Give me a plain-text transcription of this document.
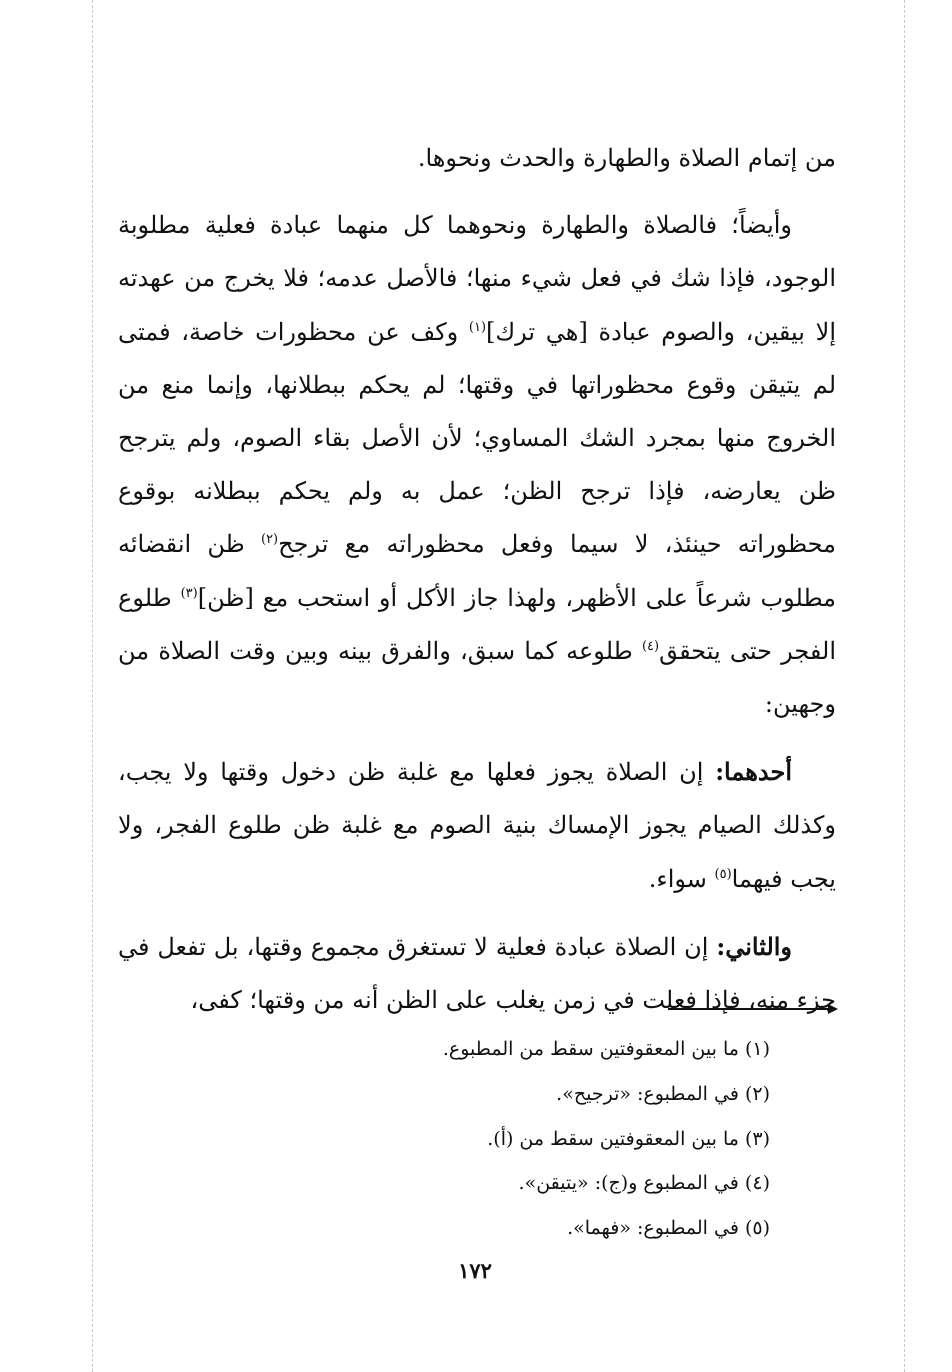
من إتمام الصلاة والطهارة والحدث ونحوها.

وأيضاً؛ فالصلاة والطهارة ونحوهما كل منهما عبادة فعلية مطلوبة الوجود، فإذا شك في فعل شيء منها؛ فالأصل عدمه؛ فلا يخرج من عهدته إلا بيقين، والصوم عبادة [هي ترك]$^{(١)}$ وكف عن محظورات خاصة، فمتى لم يتيقن وقوع محظوراتها في وقتها؛ لم يحكم ببطلانها، وإنما منع من الخروج منها بمجرد الشك المساوي؛ لأن الأصل بقاء الصوم، ولم يترجح ظن يعارضه، فإذا ترجح الظن؛ عمل به ولم يحكم ببطلانه بوقوع محظوراته حينئذ، لا سيما وفعل محظوراته مع ترجح$^{(٢)}$ ظن انقضائه مطلوب شرعاً على الأظهر، ولهذا جاز الأكل أو استحب مع [ظن]$^{(٣)}$ طلوع الفجر حتى يتحقق$^{(٤)}$ طلوعه كما سبق، والفرق بينه وبين وقت الصلاة من وجهين:

أحدهما: إن الصلاة يجوز فعلها مع غلبة ظن دخول وقتها ولا يجب، وكذلك الصيام يجوز الإمساك بنية الصوم مع غلبة ظن طلوع الفجر، ولا يجب فيهما$^{(٥)}$ سواء.

والثاني: إن الصلاة عبادة فعلية لا تستغرق مجموع وقتها، بل تفعل في جزء منه، فإذا فعلت في زمن يغلب على الظن أنه من وقتها؛ كفى،

(١) ما بين المعقوفتين سقط من المطبوع.
(٢) في المطبوع: «ترجيح».
(٣) ما بين المعقوفتين سقط من (أ).
(٤) في المطبوع و(ج): «يتيقن».
(٥) في المطبوع: «فهما».
١٧٢
